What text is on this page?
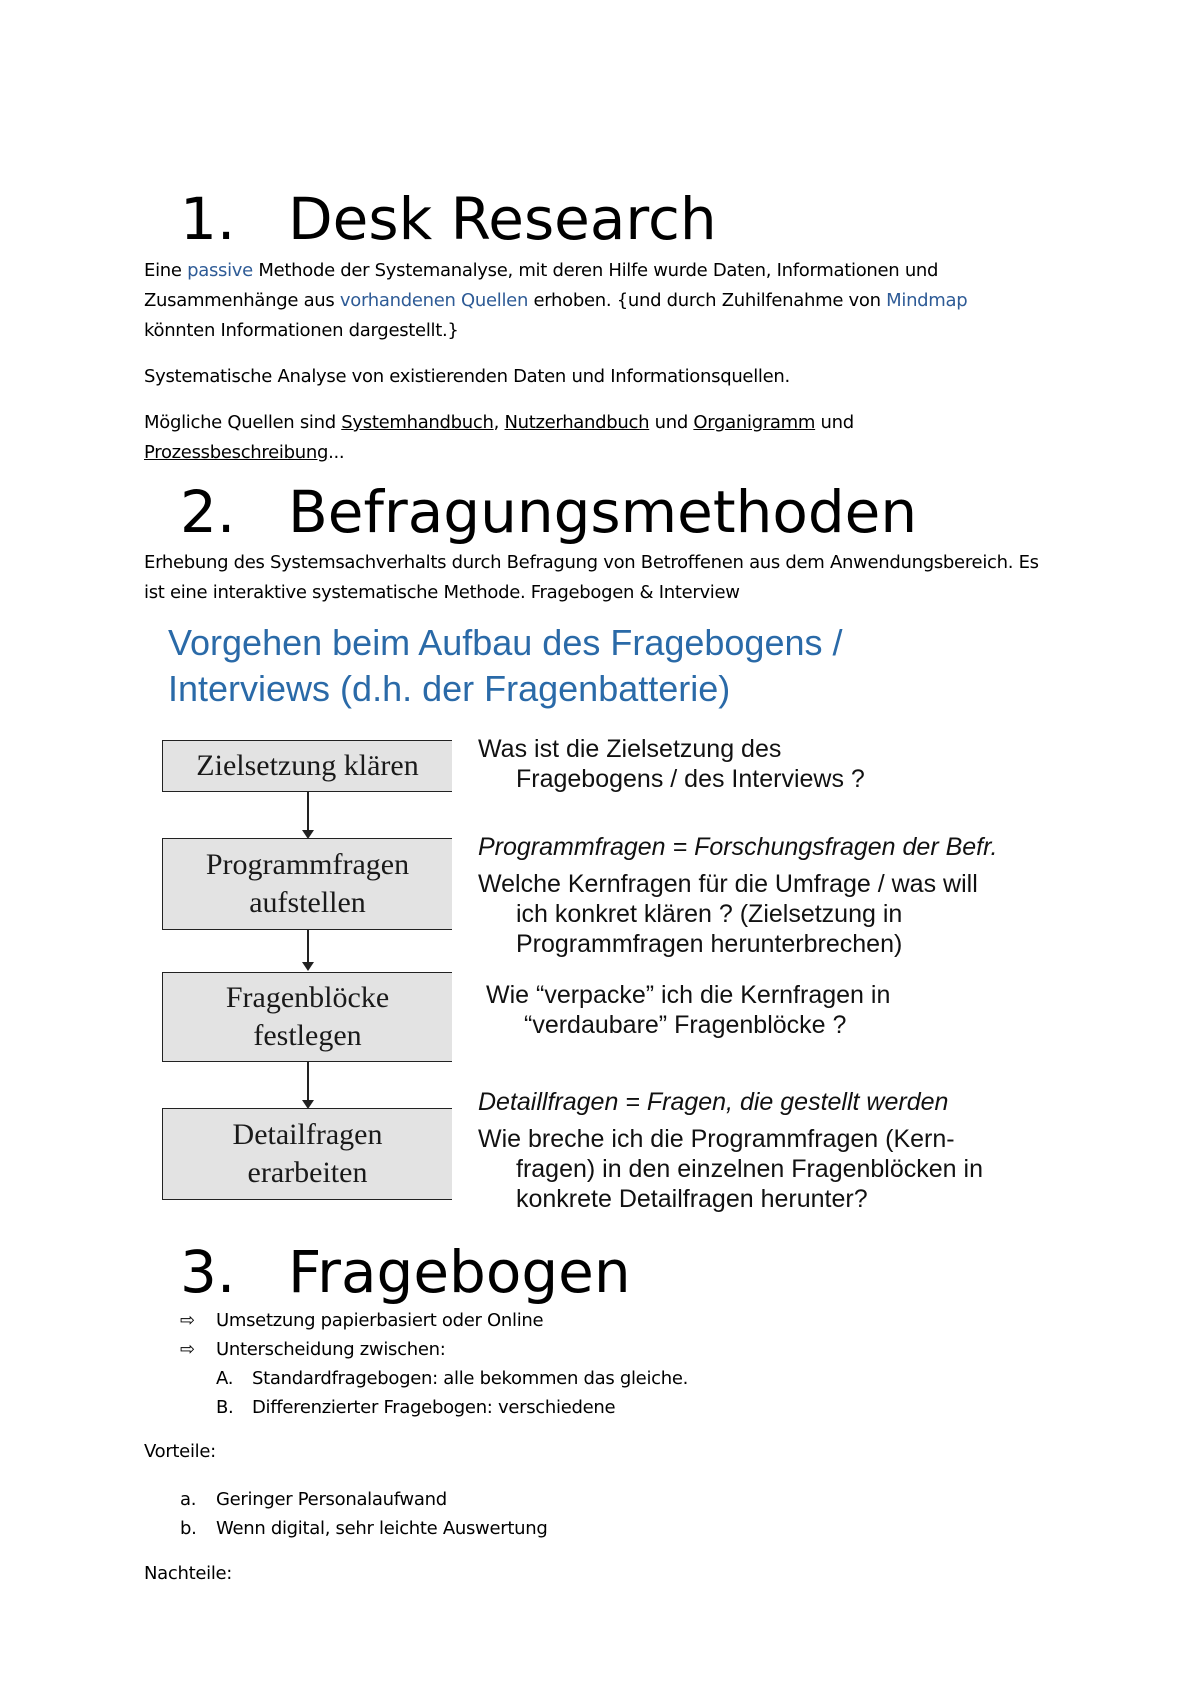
1. Desk Research

Eine passive Methode der Systemanalyse, mit deren Hilfe wurde Daten, Informationen und
Zusammenhänge aus vorhandenen Quellen erhoben. {und durch Zuhilfenahme von Mindmap
könnten Informationen dargestellt.}

Systematische Analyse von existierenden Daten und Informationsquellen.

Mögliche Quellen sind Systemhandbuch, Nutzerhandbuch und Organigramm und
Prozessbeschreibung...

2. Befragungsmethoden

Erhebung des Systemsachverhalts durch Befragung von Betroffenen aus dem Anwendungsbereich. Es
ist eine interaktive systematische Methode. Fragebogen & Interview

Vorgehen beim Aufbau des Fragebogens /
Interviews (d.h. der Fragenbatterie)

Zielsetzung klären
Programmfragen
aufstellen
Fragenblöcke
festlegen
Detailfragen
erarbeiten

Was ist die Zielsetzung des
Fragebogens / des Interviews ?

Programmfragen = Forschungsfragen der Befr.

Welche Kernfragen für die Umfrage / was will
ich konkret klären ? (Zielsetzung in
Programmfragen herunterbrechen)

Wie “verpacke” ich die Kernfragen in
“verdaubare” Fragenblöcke ?

Detaillfragen = Fragen, die gestellt werden

Wie breche ich die Programmfragen (Kern-
fragen) in den einzelnen Fragenblöcken in
konkrete Detailfragen herunter?

3. Fragebogen
⇨ Umsetzung papierbasiert oder Online
⇨ Unterscheidung zwischen:
A. Standardfragebogen: alle bekommen das gleiche.
B. Differenzierter Fragebogen: verschiedene

Vorteile:

a. Geringer Personalaufwand
b. Wenn digital, sehr leichte Auswertung

Nachteile:
